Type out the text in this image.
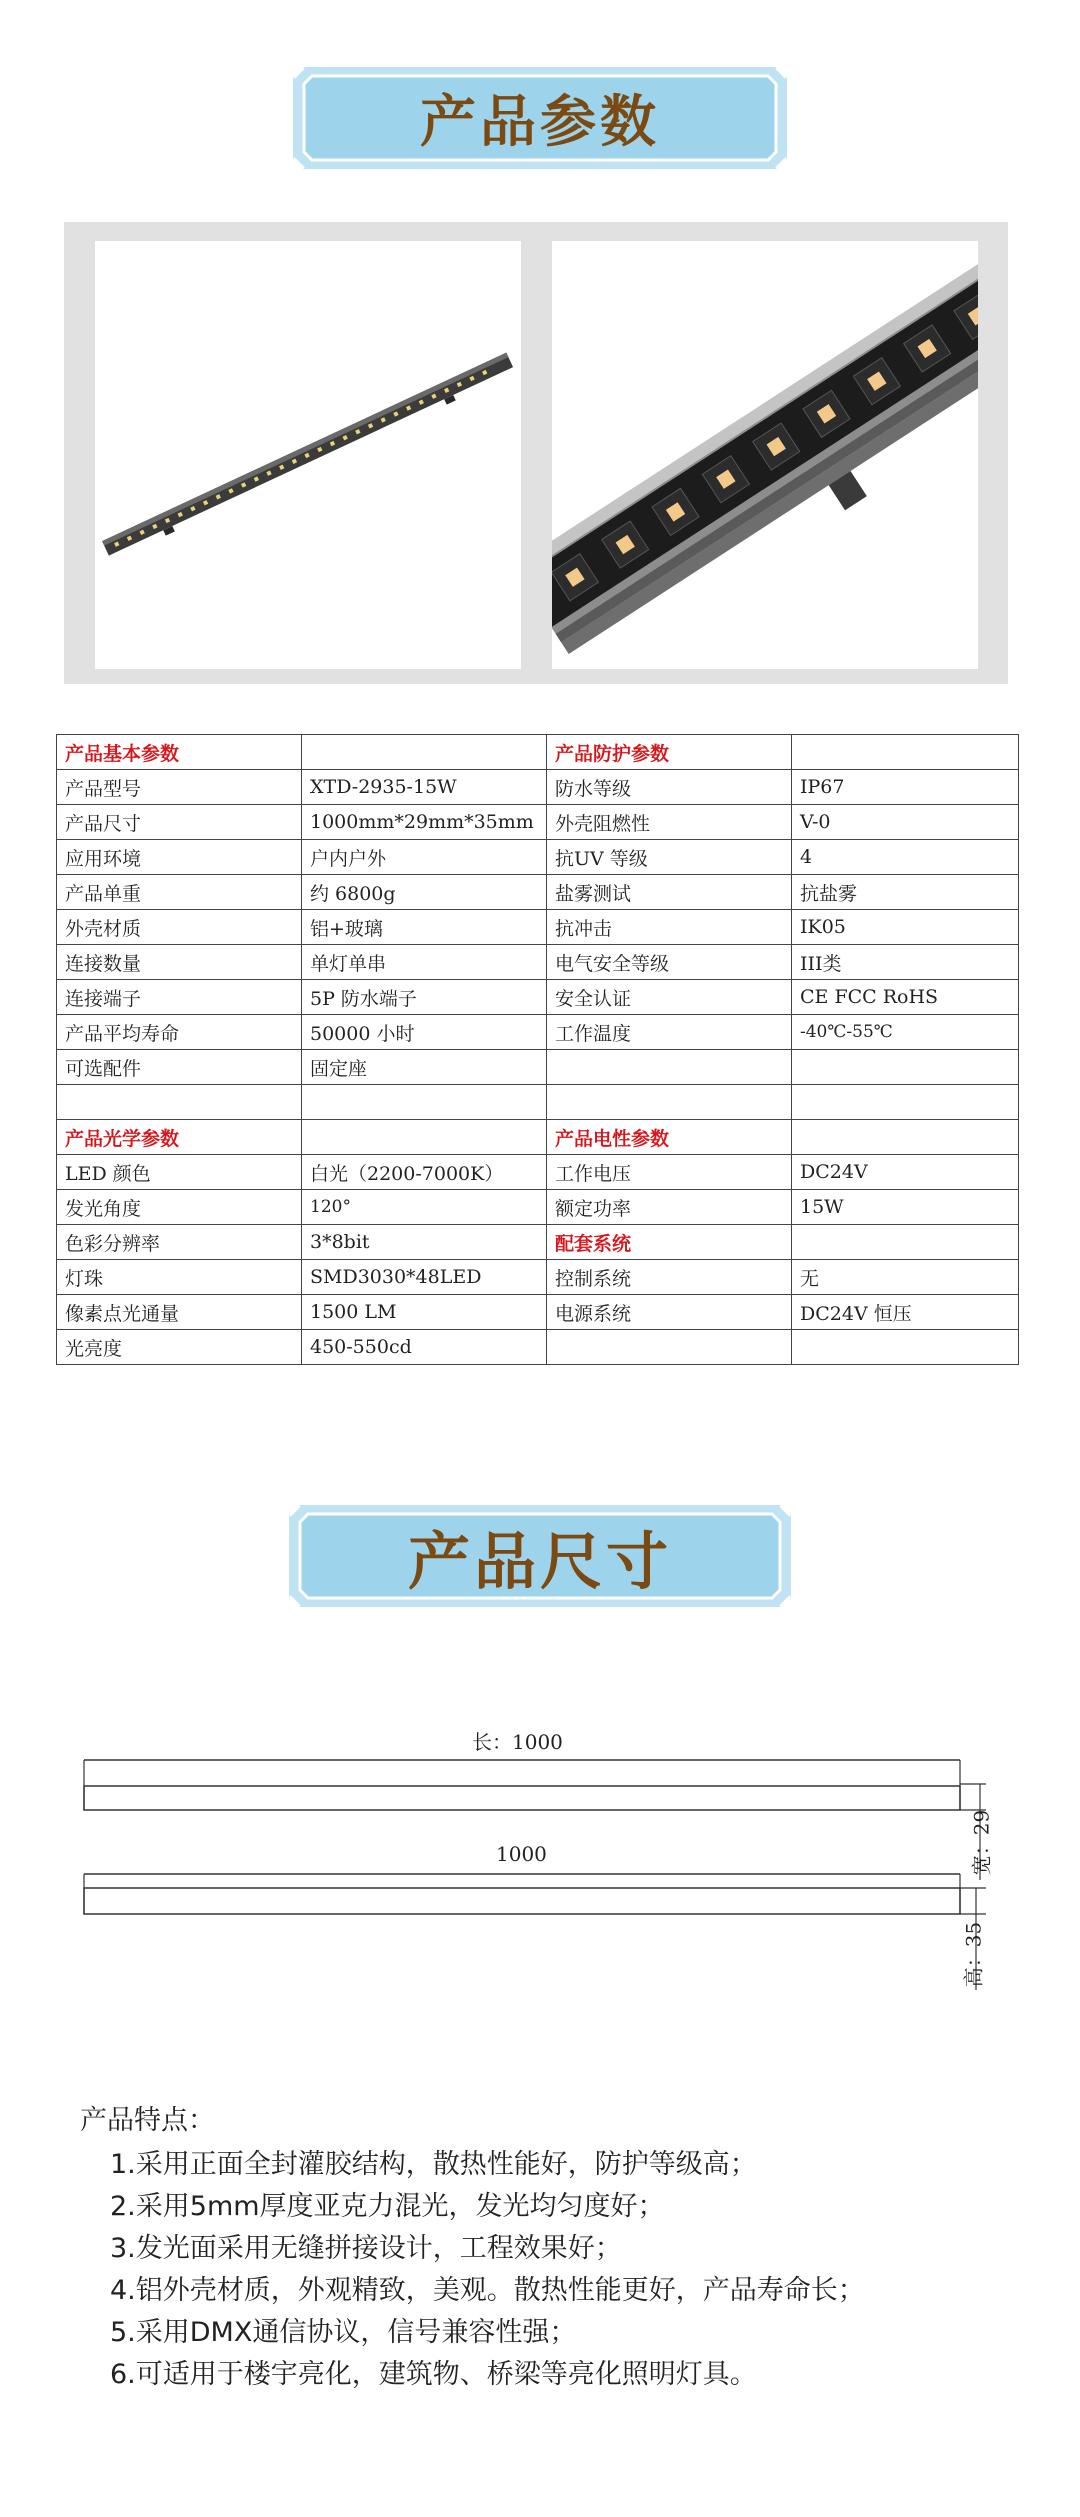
产品参数
产品基本参数		产品防护参数	
产品型号	XTD-2935-15W	防水等级	IP67
产品尺寸	1000mm*29mm*35mm	外壳阻燃性	V-0
应用环境	户内户外	抗UV 等级	4
产品单重	约 6800g	盐雾测试	抗盐雾
外壳材质	铝+玻璃	抗冲击	IK05
连接数量	单灯单串	电气安全等级	III类
连接端子	5P 防水端子	安全认证	CE FCC RoHS
产品平均寿命	50000 小时	工作温度	-40℃-55℃
可选配件	固定座		

产品光学参数		产品电性参数	
LED 颜色	白光（2200-7000K）	工作电压	DC24V
发光角度	120°	额定功率	15W
色彩分辨率	3*8bit	配套系统	
灯珠	SMD3030*48LED	控制系统	无
像素点光通量	1500 LM	电源系统	DC24V 恒压
光亮度	450-550cd		
产品尺寸
长：1000
1000	宽：29
高：35
产品特点：
1.采用正面全封灌胶结构，散热性能好，防护等级高；
2.采用5mm厚度亚克力混光，发光均匀度好；
3.发光面采用无缝拼接设计，工程效果好；
4.铝外壳材质，外观精致，美观。散热性能更好，产品寿命长；
5.采用DMX通信协议，信号兼容性强；
6.可适用于楼宇亮化，建筑物、桥梁等亮化照明灯具。
